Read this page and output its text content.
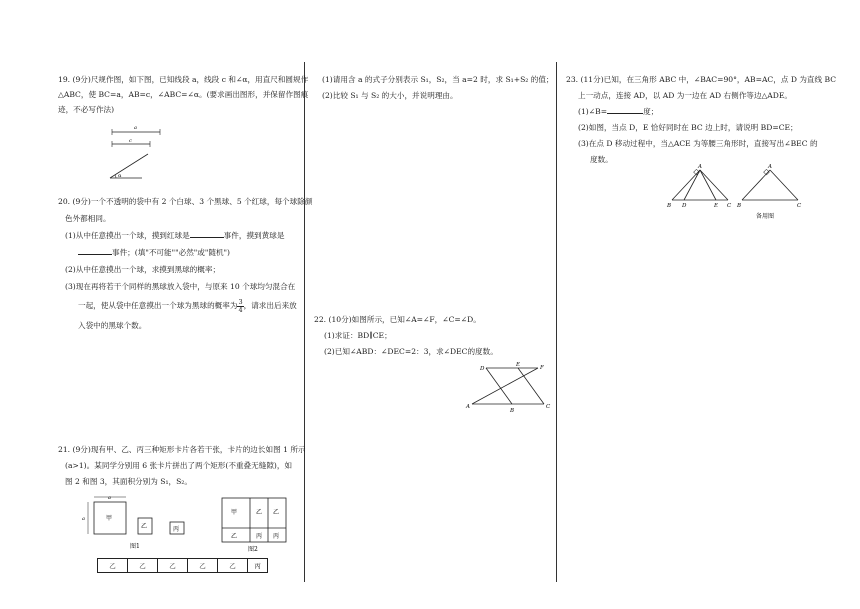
19. (9分)尺规作图，如下图，已知线段 a，线段 c 和∠α，用直尺和圆规作

△ABC，使 BC=a，AB=c，∠ABC=∠α。(要求画出图形，并保留作图痕

迹，不必写作法)

a
c
α

20. (9分)一个不透明的袋中有 2 个白球、3 个黑球、5 个红球，每个球除颜

色外都相同。

(1)从中任意摸出一个球，摸到红球是	事件，摸到黄球是

事件；(填"不可能""必然"或"随机")

(2)从中任意摸出一个球，求摸到黑球的概率；

(3)现在再将若干个同样的黑球放入袋中，与原来 10 个球均匀混合在

一起，使从袋中任意摸出一个球为黑球的概率为 $\frac{3}{4}$ ，请求出后来放

入袋中的黑球个数。

21. (9分)现有甲、乙、丙三种矩形卡片各若干张，卡片的边长如图 1 所示

(a>1)。某同学分别用 6 张卡片拼出了两个矩形(不重叠无缝隙)，如

图 2 和图 3，其面积分别为 S₁，S₂。

a
a	甲
乙	丙
图1
甲	乙 乙
乙	丙 丙
图2
乙	乙	乙	乙	乙	丙

(1)请用含 a 的式子分别表示 S₁，S₂，当 a=2 时，求 S₁+S₂ 的值；

(2)比较 S₁ 与 S₂ 的大小，并说明理由。

22. (10分)如图所示，已知∠A=∠F，∠C=∠D。

(1)求证：BD∥CE；

(2)已知∠ABD：∠DEC=2：3，求∠DEC的度数。

D
E	F
A
B
C

23. (11分)已知，在三角形 ABC 中，∠BAC=90°，AB=AC，点 D 为直线 BC

上一动点，连接 AD，以 AD 为一边在 AD 右侧作等边△ADE。

(1)∠B=	度；

(2)如图，当点 D，E 恰好同时在 BC 边上时，请说明 BD=CE；

(3)在点 D 移动过程中，当△ACE 为等腰三角形时，直接写出∠BEC 的

度数。

A
B D	E C
A
B	C
备用图
